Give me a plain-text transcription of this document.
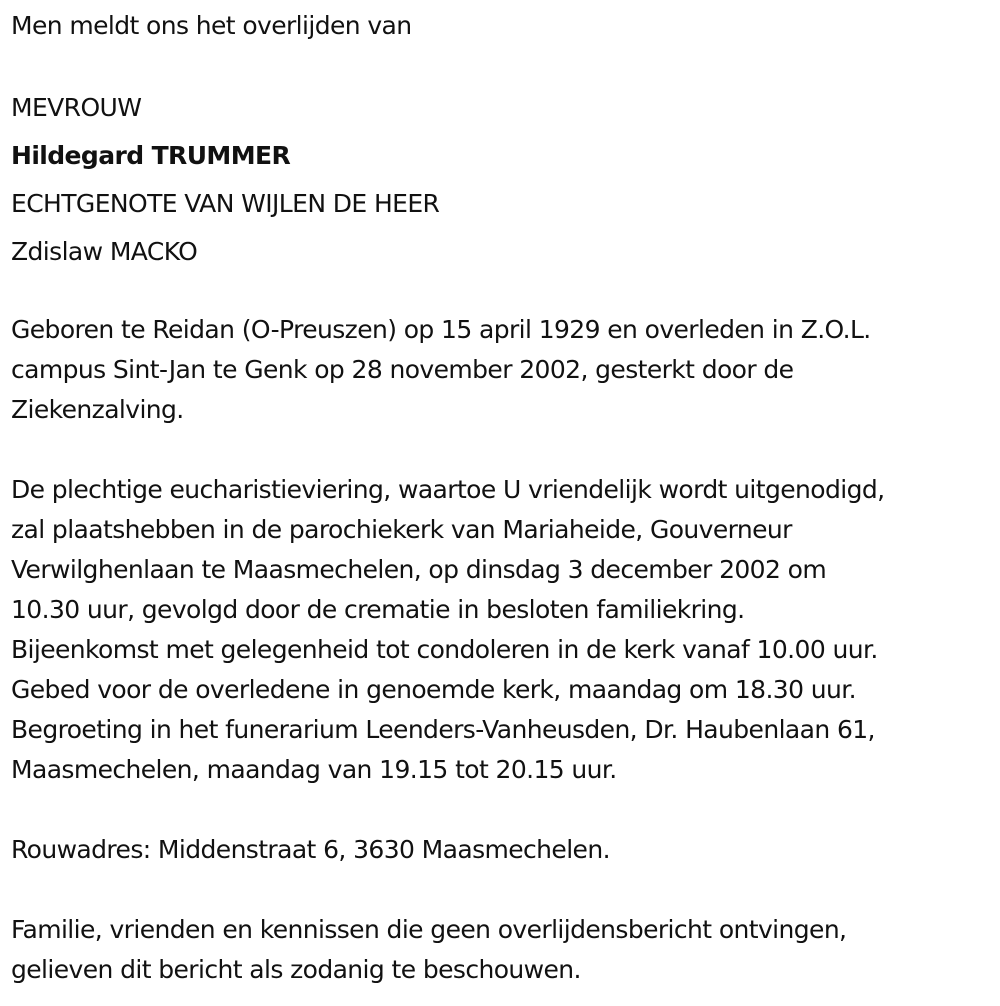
Men meldt ons het overlijden van

MEVROUW
Hildegard TRUMMER
ECHTGENOTE VAN WIJLEN DE HEER
Zdislaw MACKO
Geboren te Reidan (O-Preuszen) op 15 april 1929 en overleden in Z.O.L.
campus Sint-Jan te Genk op 28 november 2002, gesterkt door de
Ziekenzalving.
De plechtige eucharistieviering, waartoe U vriendelijk wordt uitgenodigd,
zal plaatshebben in de parochiekerk van Mariaheide, Gouverneur
Verwilghenlaan te Maasmechelen, op dinsdag 3 december 2002 om
10.30 uur, gevolgd door de crematie in besloten familiekring.
Bijeenkomst met gelegenheid tot condoleren in de kerk vanaf 10.00 uur.
Gebed voor de overledene in genoemde kerk, maandag om 18.30 uur.
Begroeting in het funerarium Leenders-Vanheusden, Dr. Haubenlaan 61,
Maasmechelen, maandag van 19.15 tot 20.15 uur.
Rouwadres: Middenstraat 6, 3630 Maasmechelen.
Familie, vrienden en kennissen die geen overlijdensbericht ontvingen,
gelieven dit bericht als zodanig te beschouwen.
